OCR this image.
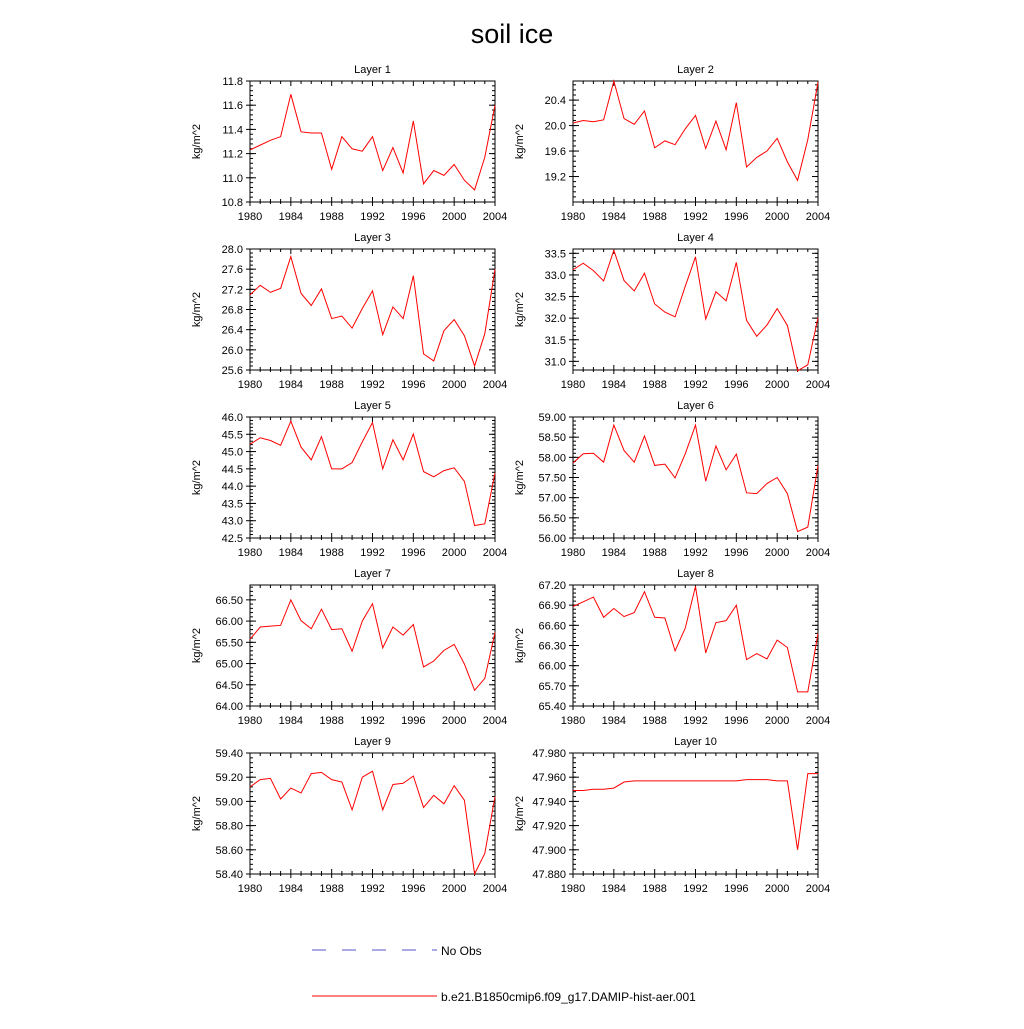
soil ice
Layer 1
1980 1984 1988 1992 1996 2000 2004
10.8
11.0
11.2
11.4
11.6
11.8
kg/m^2
Layer 2
1980 1984 1988 1992 1996 2000 2004
19.2
19.6
20.0
20.4
kg/m^2
Layer 3
1980 1984 1988 1992 1996 2000 2004
25.6
26.0
26.4
26.8
27.2
27.6
28.0
kg/m^2
Layer 4
1980 1984 1988 1992 1996 2000 2004
31.0
31.5
32.0
32.5
33.0
33.5
kg/m^2
Layer 5
1980 1984 1988 1992 1996 2000 2004
42.5
43.0
43.5
44.0
44.5
45.0
45.5
46.0
kg/m^2
Layer 6
1980 1984 1988 1992 1996 2000 2004
56.00
56.50
57.00
57.50
58.00
58.50
59.00
kg/m^2
Layer 7
1980 1984 1988 1992 1996 2000 2004
64.00
64.50
65.00
65.50
66.00
66.50
kg/m^2
Layer 8
1980 1984 1988 1992 1996 2000 2004
65.40
65.70
66.00
66.30
66.60
66.90
67.20
kg/m^2
Layer 9
1980 1984 1988 1992 1996 2000 2004
58.40
58.60
58.80
59.00
59.20
59.40
kg/m^2
Layer 10
1980 1984 1988 1992 1996 2000 2004
47.880
47.900
47.920
47.940
47.960
47.980
kg/m^2
No Obs
b.e21.B1850cmip6.f09_g17.DAMIP-hist-aer.001
